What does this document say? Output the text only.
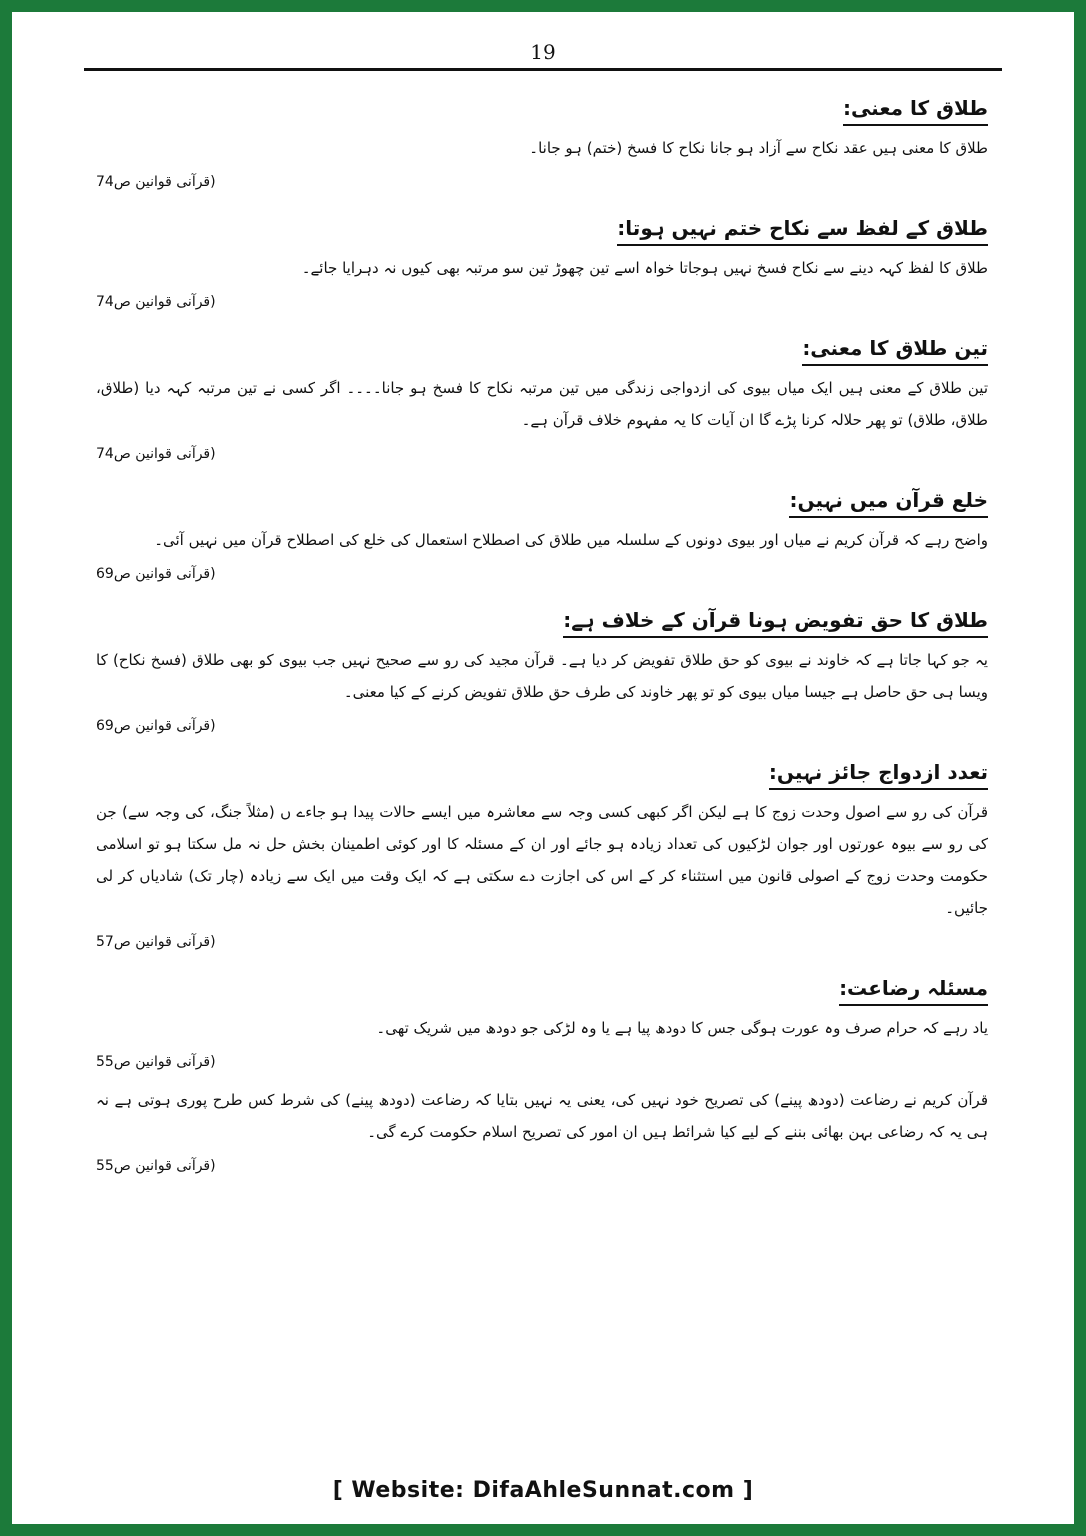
19
طلاق کا معنی:

طلاق کا معنی ہیں عقد نکاح سے آزاد ہو جانا نکاح کا فسخ (ختم) ہو جانا۔

(قرآنی قوانین ص74
طلاق کے لفظ سے نکاح ختم نہیں ہوتا:

طلاق کا لفظ کہہ دینے سے نکاح فسخ نہیں ہوجاتا خواہ اسے تین چھوڑ تین سو مرتبہ بھی کیوں نہ دہرایا جائے۔

(قرآنی قوانین ص74
تین طلاق کا معنی:

تین طلاق کے معنی ہیں ایک میاں بیوی کی ازدواجی زندگی میں تین مرتبہ نکاح کا فسخ ہو جانا۔۔۔۔ اگر کسی نے تین مرتبہ کہہ دیا (طلاق، طلاق، طلاق) تو پھر حلالہ کرنا پڑے گا ان آیات کا یہ مفہوم خلاف قرآن ہے۔

(قرآنی قوانین ص74
خلع قرآن میں نہیں:

واضح رہے کہ قرآن کریم نے میاں اور بیوی دونوں کے سلسلہ میں طلاق کی اصطلاح استعمال کی خلع کی اصطلاح قرآن میں نہیں آئی۔

(قرآنی قوانین ص69
طلاق کا حق تفویض ہونا قرآن کے خلاف ہے:

یہ جو کہا جاتا ہے کہ خاوند نے بیوی کو حق طلاق تفویض کر دیا ہے۔ قرآن مجید کی رو سے صحیح نہیں جب بیوی کو بھی طلاق (فسخ نکاح) کا ویسا ہی حق حاصل ہے جیسا میاں بیوی کو تو پھر خاوند کی طرف حق طلاق تفویض کرنے کے کیا معنی۔

(قرآنی قوانین ص69
تعدد ازدواج جائز نہیں:

قرآن کی رو سے اصول وحدت زوج کا ہے لیکن اگر کبھی کسی وجہ سے معاشرہ میں ایسے حالات پیدا ہو جاءے ں (مثلاً جنگ، کی وجہ سے) جن کی رو سے بیوہ عورتوں اور جوان لڑکیوں کی تعداد زیادہ ہو جائے اور ان کے مسئلہ کا اور کوئی اطمینان بخش حل نہ مل سکتا ہو تو اسلامی حکومت وحدت زوج کے اصولی قانون میں استثناء کر کے اس کی اجازت دے سکتی ہے کہ ایک وقت میں ایک سے زیادہ (چار تک) شادیاں کر لی جائیں۔

(قرآنی قوانین ص57
مسئلہ رضاعت:

یاد رہے کہ حرام صرف وہ عورت ہوگی جس کا دودھ پیا ہے یا وہ لڑکی جو دودھ میں شریک تھی۔

(قرآنی قوانین ص55

قرآن کریم نے رضاعت (دودھ پینے) کی تصریح خود نہیں کی، یعنی یہ نہیں بتایا کہ رضاعت (دودھ پینے) کی شرط کس طرح پوری ہوتی ہے نہ ہی یہ کہ رضاعی بہن بھائی بننے کے لیے کیا شرائط ہیں ان امور کی تصریح اسلام حکومت کرے گی۔

(قرآنی قوانین ص55
[ Website: DifaAhleSunnat.com ]
